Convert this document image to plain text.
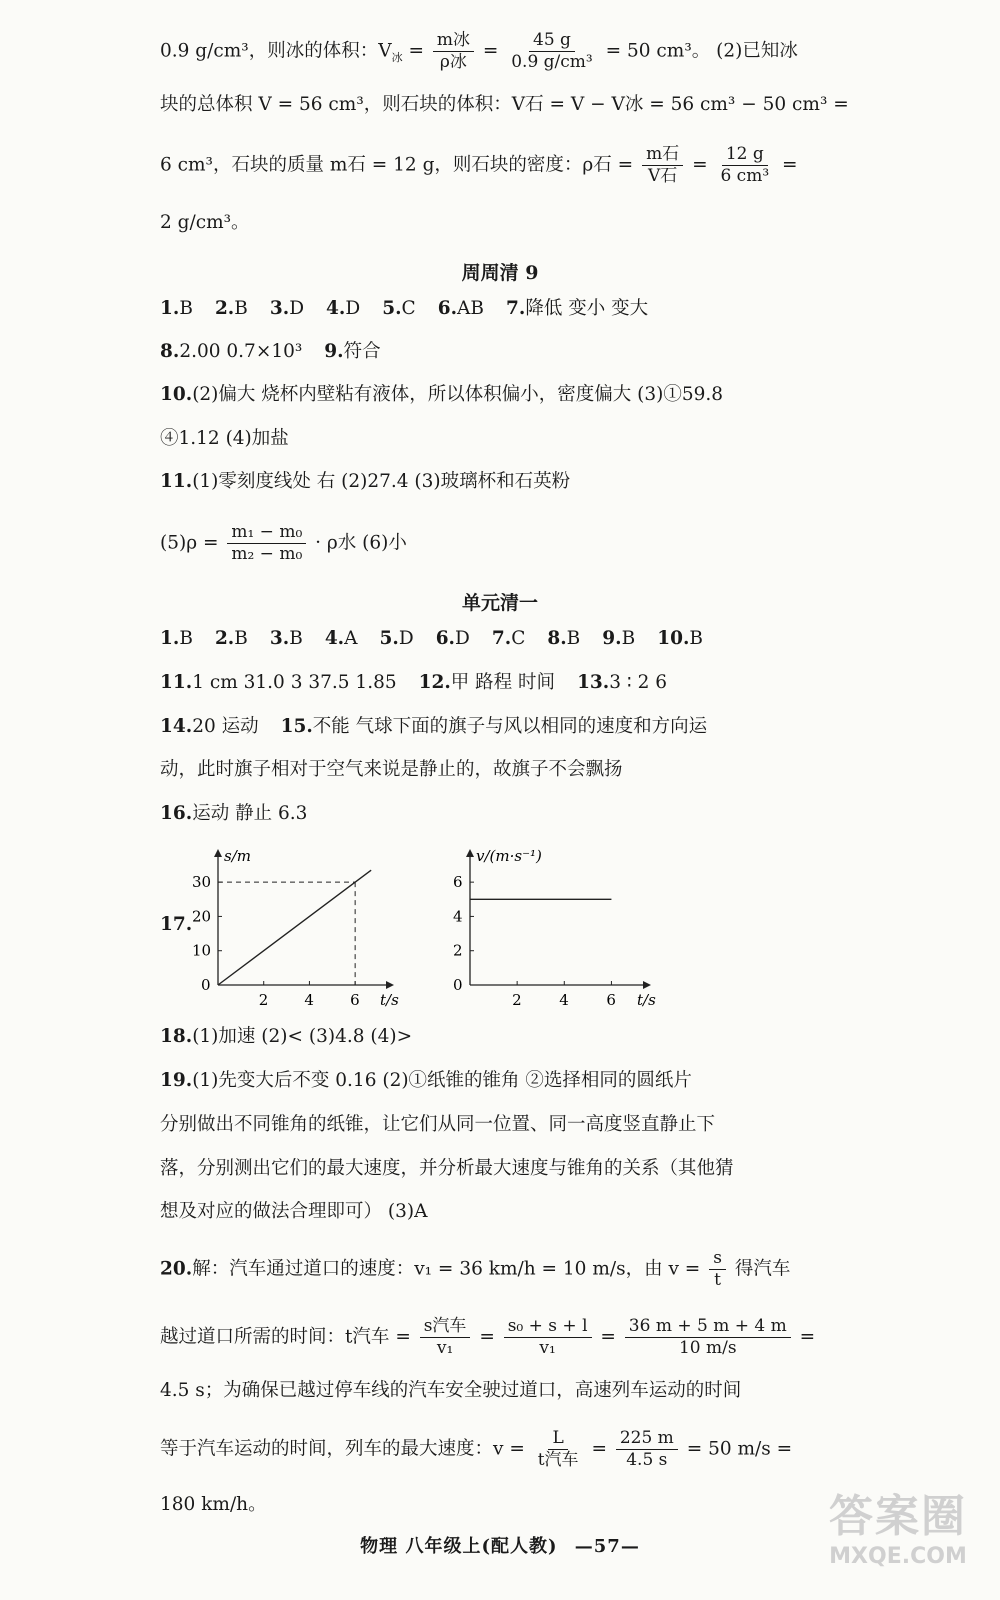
0.9 g/cm³，则冰的体积：$V_冰 = \frac{\text{m冰}}{\text{ρ冰}} = \frac{45 g}{\text{0.9 g/cm³}} = 50$ cm³。 (2)已知冰
块的总体积 V = 56 cm³，则石块的体积：V石 = V − V冰 = 56 cm³ − 50 cm³ =
6 cm³，石块的质量 m石 = 12 g，则石块的密度：ρ石 = $\frac{\text{m石}}{\text{V石}} = \frac{12 g}{\text{6 cm³}}$ =
2 g/cm³。
周周清 9
1.B 2.B 3.D 4.D 5.C 6.AB 7.降低 变小 变大
8.2.00 0.7×10³ 9.符合
10.(2)偏大 烧杯内壁粘有液体，所以体积偏小，密度偏大 (3)①59.8
④1.12 (4)加盐
11.(1)零刻度线处 右 (2)27.4 (3)玻璃杯和石英粉
$(5)\rho = \frac{\text{m₁ − m₀}}{\text{m₂ − m₀}} \cdot \rho$水 (6)小
单元清一
1.B 2.B 3.B 4.A 5.D 6.D 7.C 8.B 9.B 10.B
11.1 cm 31.0 3 37.5 1.85 12.甲 路程 时间 13.3 ∶ 2 6
14.20 运动 15.不能 气球下面的旗子与风以相同的速度和方向运
动，此时旗子相对于空气来说是静止的，故旗子不会飘扬
16.运动 静止 6.3
17.
s/m
t/s
2 4 6
0
10
20
30
v/(m·s⁻¹)
t/s
2	4	6
0
2
4
6
18.(1)加速 (2)< (3)4.8 (4)>
19.(1)先变大后不变 0.16 (2)①纸锥的锥角 ②选择相同的圆纸片
分别做出不同锥角的纸锥，让它们从同一位置、同一高度竖直静止下
落，分别测出它们的最大速度，并分析最大速度与锥角的关系（其他猜
想及对应的做法合理即可） (3)A
20.解：汽车通过道口的速度：v₁ = 36 km/h = 10 m/s，由 $v = \frac{s}{t}$ 得汽车
越过道口所需的时间：t汽车 = $\frac{\text{s汽车}}{\text{v₁}} = \frac{\text{s₀ + s + l}}{\text{v₁}} = \frac{36 m + 5 m + 4 m}{10 m/s}$ =
4.5 s；为确保已越过停车线的汽车安全驶过道口，高速列车运动的时间
等于汽车运动的时间，列车的最大速度：$v = \frac{L}{\text{t汽车}} = \frac{225 m}{4.5 s} = 50$ m/s =
180 km/h。
物理 八年级上(配人教) —57—
答案圈
MXQE.COM
